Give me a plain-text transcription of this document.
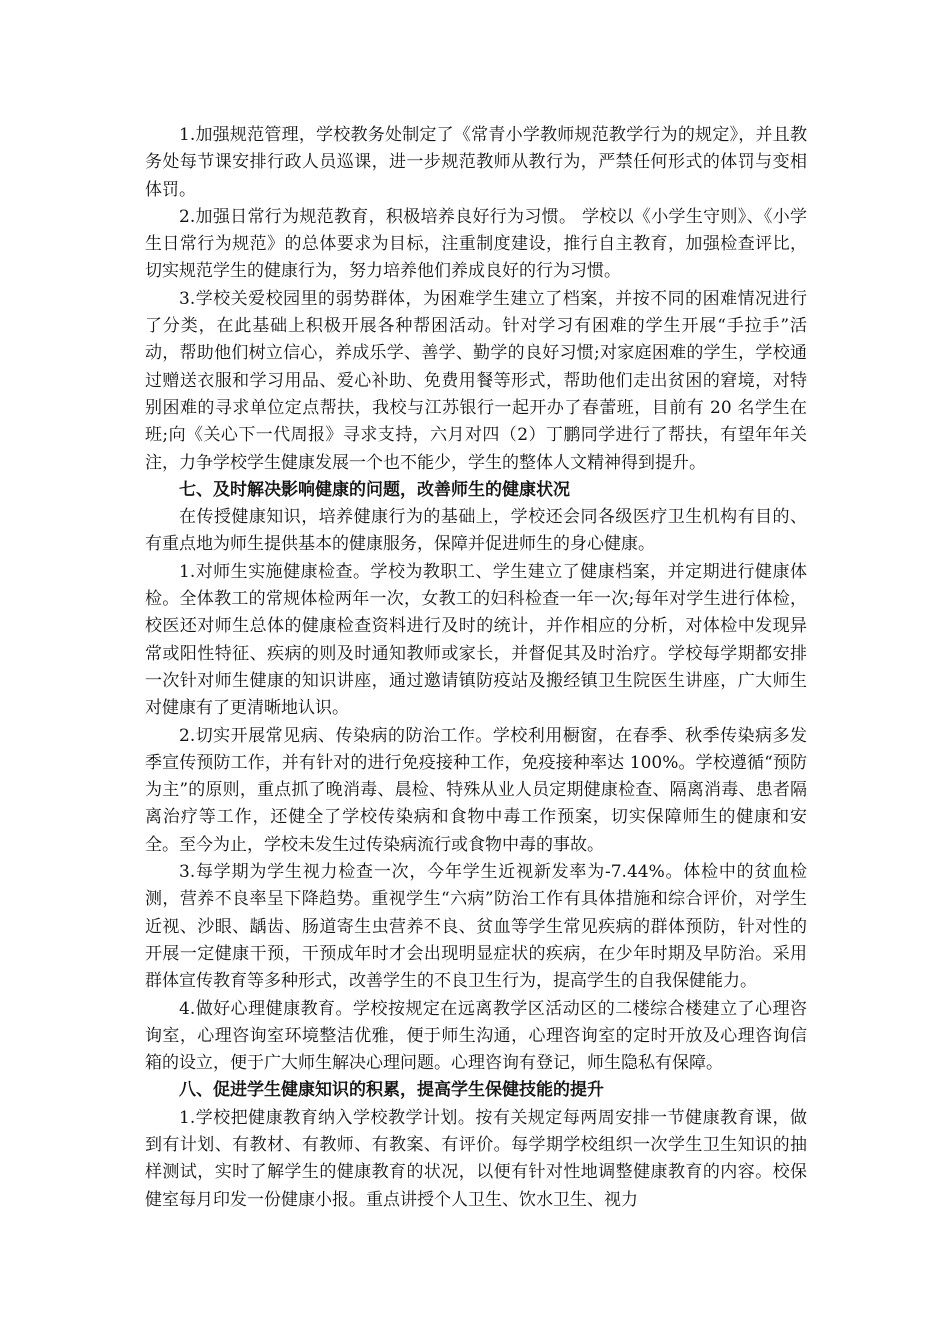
1.加强规范管理，学校教务处制定了《常青小学教师规范教学行为的规定》，并且教务处每节课安排行政人员巡课，进一步规范教师从教行为，严禁任何形式的体罚与变相体罚。

2.加强日常行为规范教育，积极培养良好行为习惯。 学校以《小学生守则》、《小学生日常行为规范》的总体要求为目标，注重制度建设，推行自主教育，加强检查评比，切实规范学生的健康行为，努力培养他们养成良好的行为习惯。

3.学校关爱校园里的弱势群体，为困难学生建立了档案，并按不同的困难情况进行了分类，在此基础上积极开展各种帮困活动。针对学习有困难的学生开展“手拉手”活动，帮助他们树立信心，养成乐学、善学、勤学的良好习惯;对家庭困难的学生，学校通过赠送衣服和学习用品、爱心补助、免费用餐等形式，帮助他们走出贫困的窘境，对特别困难的寻求单位定点帮扶，我校与江苏银行一起开办了春蕾班，目前有 20 名学生在班;向《关心下一代周报》寻求支持，六月对四（2）丁鹏同学进行了帮扶，有望年年关注，力争学校学生健康发展一个也不能少，学生的整体人文精神得到提升。

七、及时解决影响健康的问题，改善师生的健康状况

在传授健康知识，培养健康行为的基础上，学校还会同各级医疗卫生机构有目的、有重点地为师生提供基本的健康服务，保障并促进师生的身心健康。

1.对师生实施健康检查。学校为教职工、学生建立了健康档案，并定期进行健康体检。全体教工的常规体检两年一次，女教工的妇科检查一年一次;每年对学生进行体检，校医还对师生总体的健康检查资料进行及时的统计，并作相应的分析，对体检中发现异常或阳性特征、疾病的则及时通知教师或家长，并督促其及时治疗。学校每学期都安排一次针对师生健康的知识讲座，通过邀请镇防疫站及搬经镇卫生院医生讲座，广大师生对健康有了更清晰地认识。

2.切实开展常见病、传染病的防治工作。学校利用橱窗，在春季、秋季传染病多发季宣传预防工作，并有针对的进行免疫接种工作，免疫接种率达 100%。学校遵循“预防为主”的原则，重点抓了晚消毒、晨检、特殊从业人员定期健康检查、隔离消毒、患者隔离治疗等工作，还健全了学校传染病和食物中毒工作预案，切实保障师生的健康和安全。至今为止，学校未发生过传染病流行或食物中毒的事故。

3.每学期为学生视力检查一次，今年学生近视新发率为-7.44%。体检中的贫血检测，营养不良率呈下降趋势。重视学生“六病”防治工作有具体措施和综合评价，对学生近视、沙眼、龋齿、肠道寄生虫营养不良、贫血等学生常见疾病的群体预防，针对性的开展一定健康干预，干预成年时才会出现明显症状的疾病，在少年时期及早防治。采用群体宣传教育等多种形式，改善学生的不良卫生行为，提高学生的自我保健能力。

4.做好心理健康教育。学校按规定在远离教学区活动区的二楼综合楼建立了心理咨询室，心理咨询室环境整洁优雅，便于师生沟通，心理咨询室的定时开放及心理咨询信箱的设立，便于广大师生解决心理问题。心理咨询有登记，师生隐私有保障。

八、促进学生健康知识的积累，提高学生保健技能的提升

1.学校把健康教育纳入学校教学计划。按有关规定每两周安排一节健康教育课，做到有计划、有教材、有教师、有教案、有评价。每学期学校组织一次学生卫生知识的抽样测试，实时了解学生的健康教育的状况，以便有针对性地调整健康教育的内容。校保健室每月印发一份健康小报。重点讲授个人卫生、饮水卫生、视力
